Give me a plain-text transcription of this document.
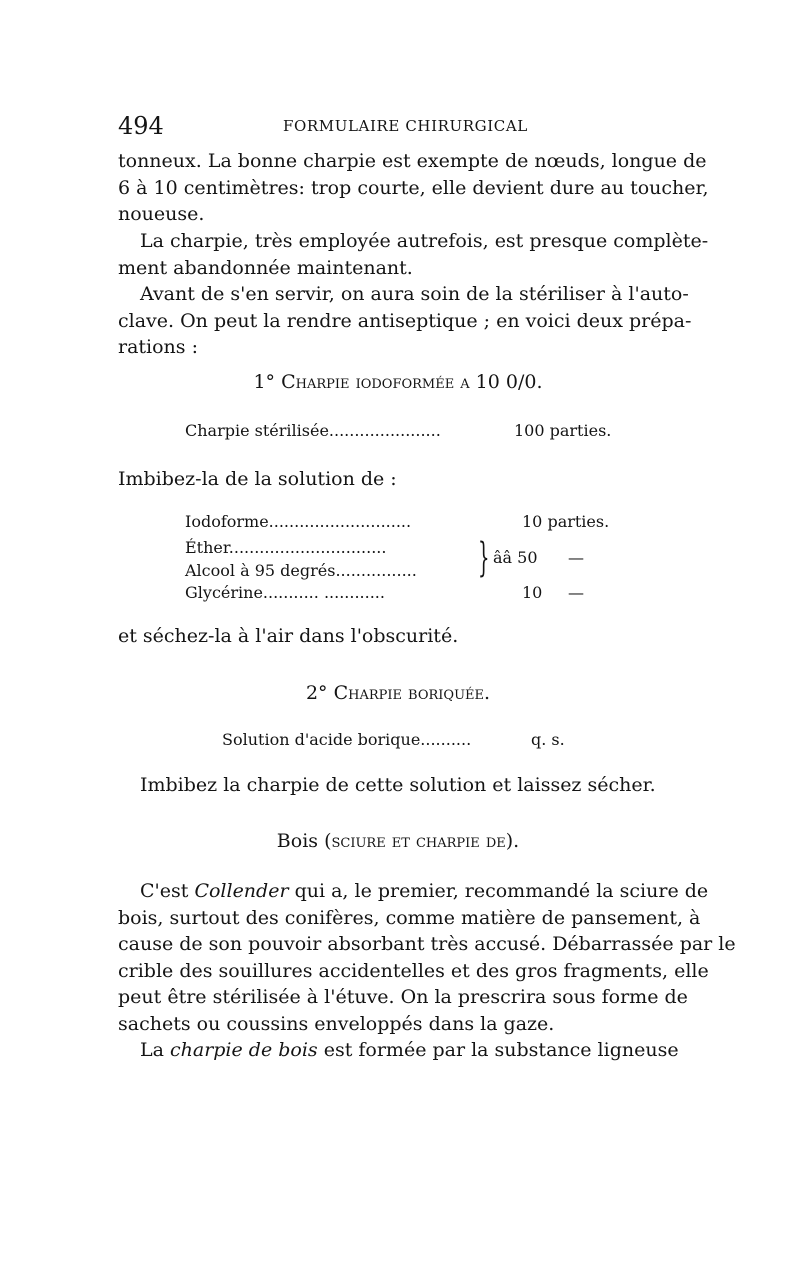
494	FORMULAIRE CHIRURGICAL
tonneux. La bonne charpie est exempte de nœuds, longue de
6 à 10 centimètres: trop courte, elle devient dure au toucher,
noueuse.
La charpie, très employée autrefois, est presque complète-
ment abandonnée maintenant.
Avant de s'en servir, on aura soin de la stériliser à l'auto-
clave. On peut la rendre antiseptique ; en voici deux prépa-
rations :
1° Charpie iodoformée a 10 0/0.
Charpie stérilisée......................	100 parties.
Imbibez-la de la solution de :
Iodoforme............................	10 parties.
Éther...............................
Alcool à 95 degrés................ } ââ 50 —
Glycérine........... ............	10 —
et séchez-la à l'air dans l'obscurité.
2° Charpie boriquée.
Solution d'acide borique..........	q. s.
Imbibez la charpie de cette solution et laissez sécher.
Bois (sciure et charpie de).
C'est Collender qui a, le premier, recommandé la sciure de
bois, surtout des conifères, comme matière de pansement, à
cause de son pouvoir absorbant très accusé. Débarrassée par le
crible des souillures accidentelles et des gros fragments, elle
peut être stérilisée à l'étuve. On la prescrira sous forme de
sachets ou coussins enveloppés dans la gaze.
La charpie de bois est formée par la substance ligneuse
